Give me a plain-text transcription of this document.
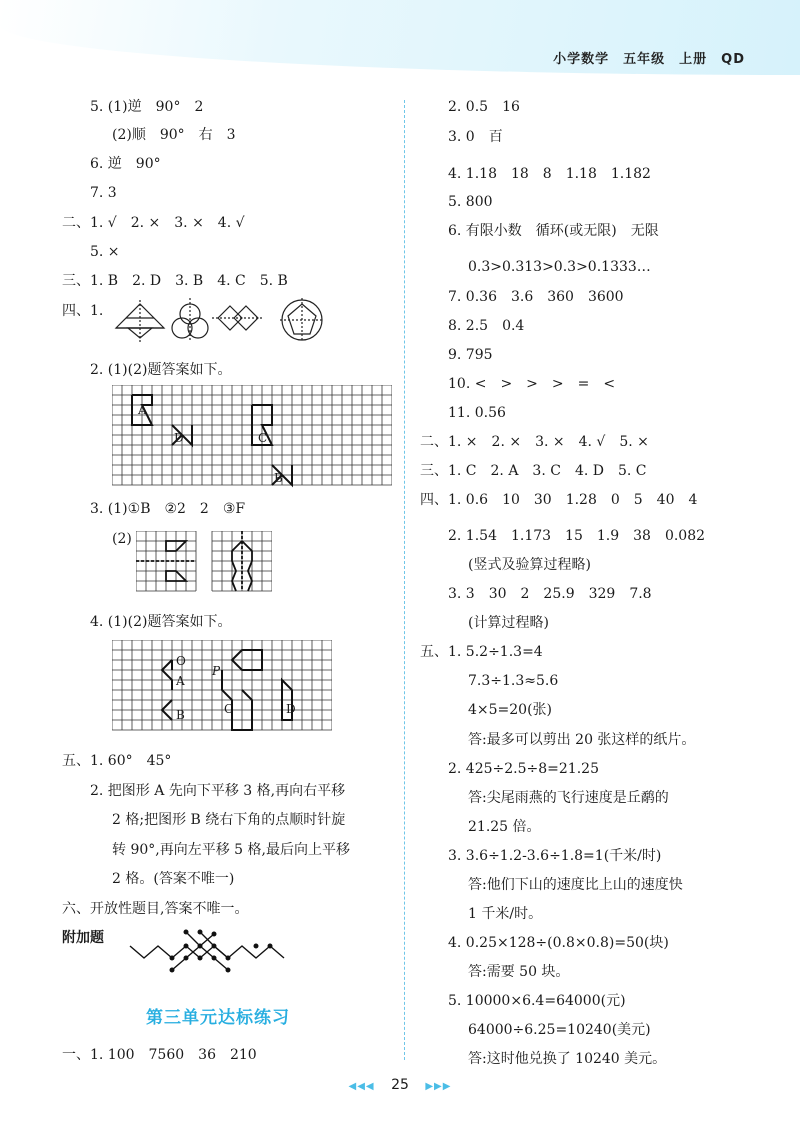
小学数学　五年级　上册　QD
5. (1)逆　90°　2
(2)顺　90°　右　3
6. 逆　90°
7. 3
二、1. √　2. ×　3. ×　4. √
5. ×
三、1. B　2. D　3. B　4. C　5. B
四、1.
2. (1)(2)题答案如下。
A
D	C
B
3. (1)①B　②2　2　③F
(2)
4. (1)(2)题答案如下。
O
A
P
C	D
B
五、1. 60°　45°
2. 把图形 A 先向下平移 3 格,再向右平移
2 格;把图形 B 绕右下角的点顺时针旋
转 90°,再向左平移 5 格,最后向上平移
2 格。(答案不唯一)
六、开放性题目,答案不唯一。
附加题
第三单元达标练习
一、1. 100　7560　36　210
2. 0.5　16
3. 0　百
4. 1.18　18　8　1.18　1.182
5. 800
6. 有限小数　循环(或无限)　无限
0.3>0.313>0.3>0.1333…
7. 0.36　3.6　360　3600
8. 2.5　0.4
9. 795
10. <　>　>　>　=　<
11. 0.56
二、1. ×　2. ×　3. ×　4. √　5. ×
三、1. C　2. A　3. C　4. D　5. C
四、1. 0.6　10　30　1.28　0　5　40　4
2. 1.54　1.173　15　1.9　38　0.082
(竖式及验算过程略)
3. 3　30　2　25.9　329　7.8
(计算过程略)
五、1. 5.2÷1.3=4
7.3÷1.3≈5.6
4×5=20(张)
答:最多可以剪出 20 张这样的纸片。
2. 425÷2.5÷8=21.25
答:尖尾雨燕的飞行速度是丘鹬的
21.25 倍。
3. 3.6÷1.2-3.6÷1.8=1(千米/时)
答:他们下山的速度比上山的速度快
1 千米/时。
4. 0.25×128÷(0.8×0.8)=50(块)
答:需要 50 块。
5. 10000×6.4=64000(元)
64000÷6.25=10240(美元)
答:这时他兑换了 10240 美元。
◀◀◀ 25 ▶▶▶
